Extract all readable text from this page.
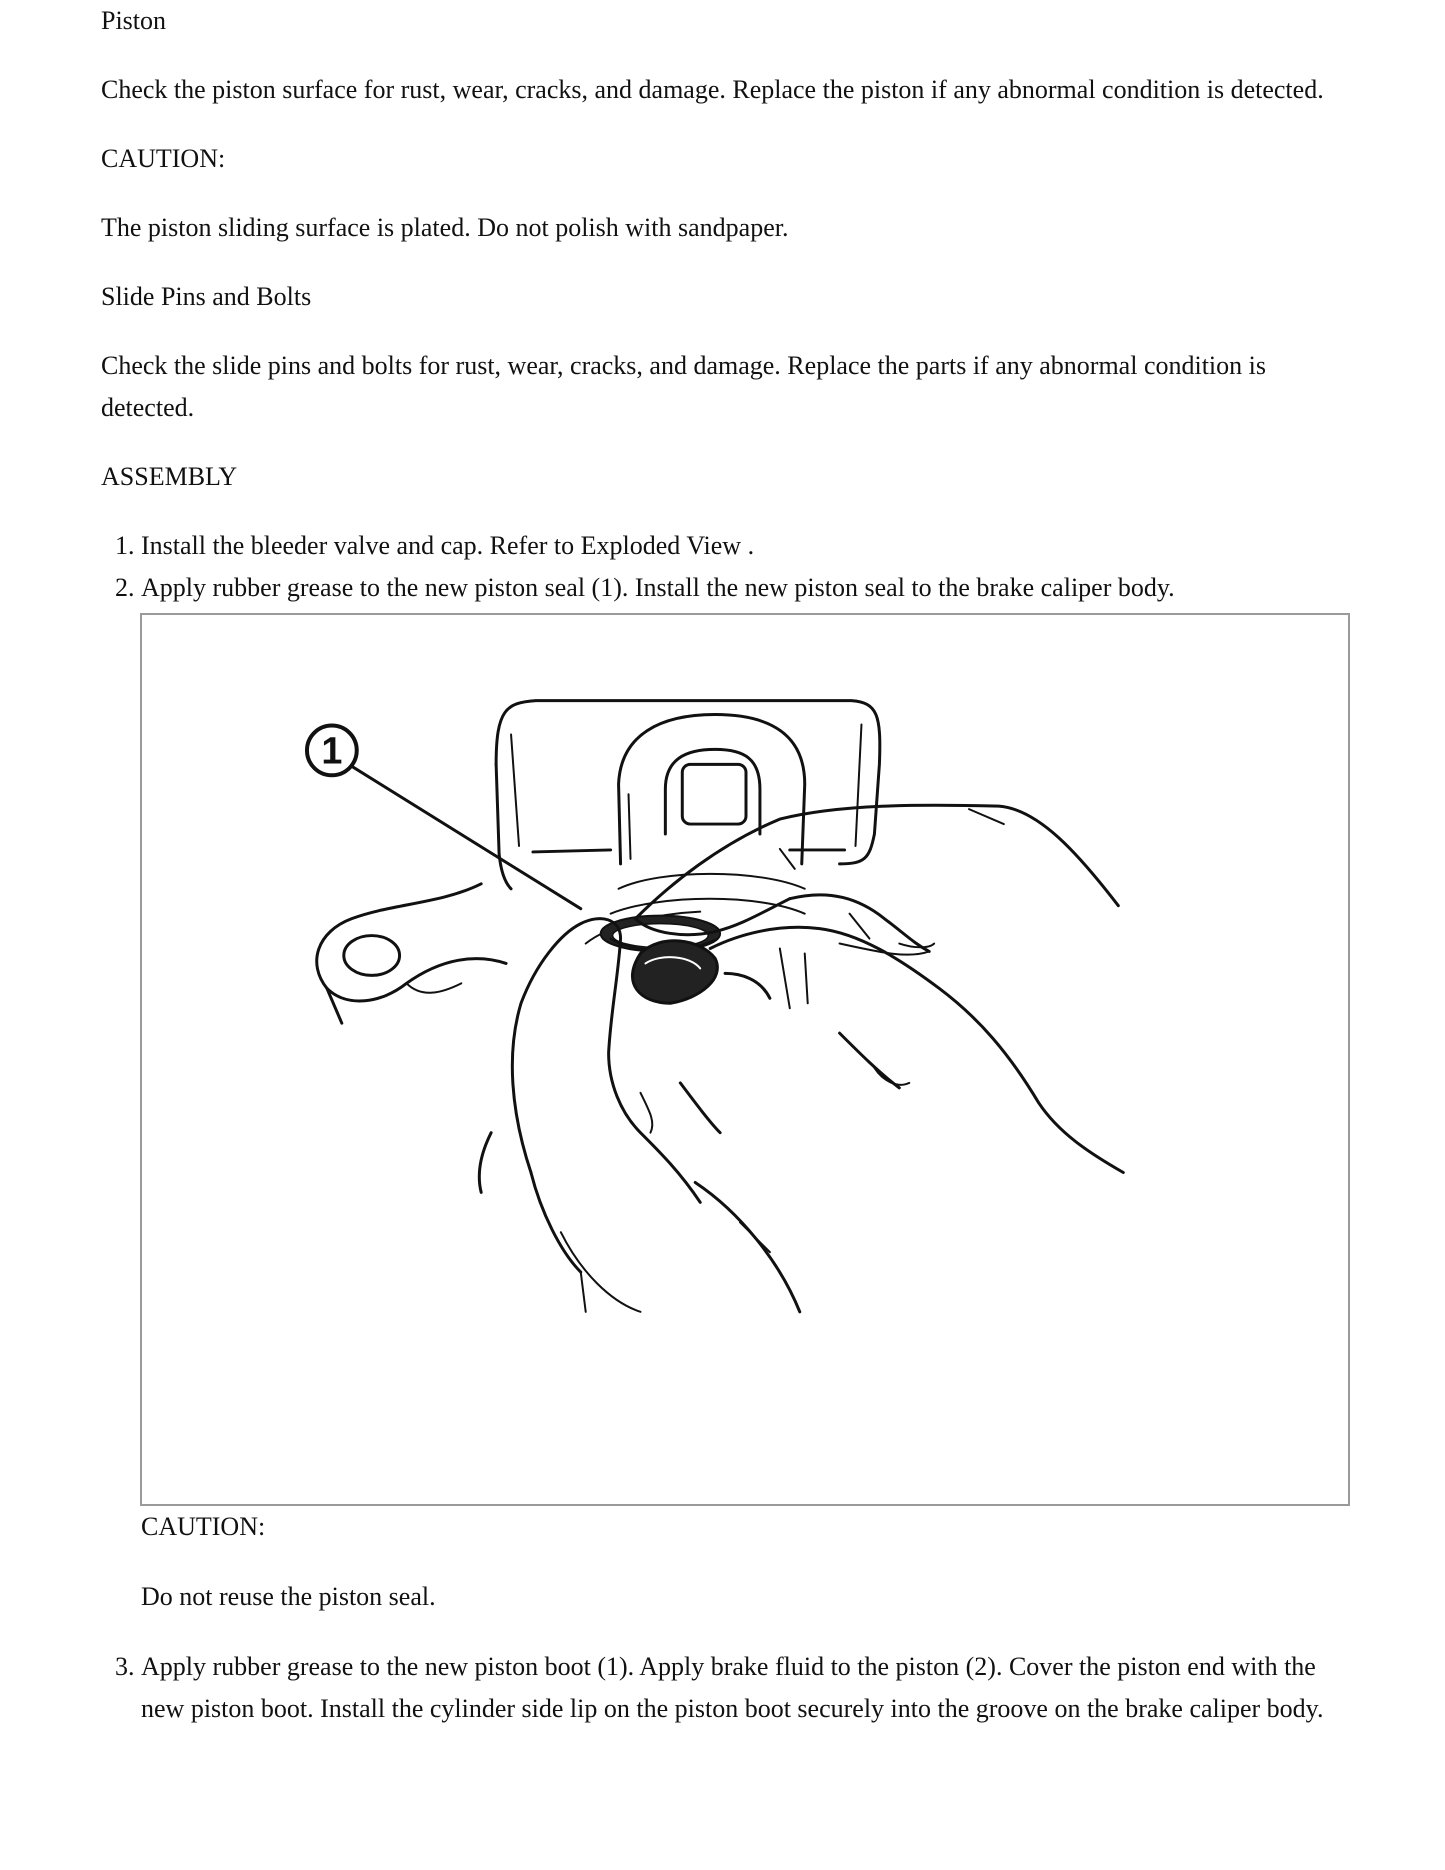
Piston

Check the piston surface for rust, wear, cracks, and damage. Replace the piston if any abnormal condition is detected.

CAUTION:

The piston sliding surface is plated. Do not polish with sandpaper.

Slide Pins and Bolts

Check the slide pins and bolts for rust, wear, cracks, and damage. Replace the parts if any abnormal condition is detected.

ASSEMBLY

1. Install the bleeder valve and cap. Refer to Exploded View .
2. Apply rubber grease to the new piston seal (1). Install the new piston seal to the brake caliper body.
1

CAUTION:

Do not reuse the piston seal.

3. Apply rubber grease to the new piston boot (1). Apply brake fluid to the piston (2). Cover the piston end with the new piston boot. Install the cylinder side lip on the piston boot securely into the groove on the brake caliper body.
